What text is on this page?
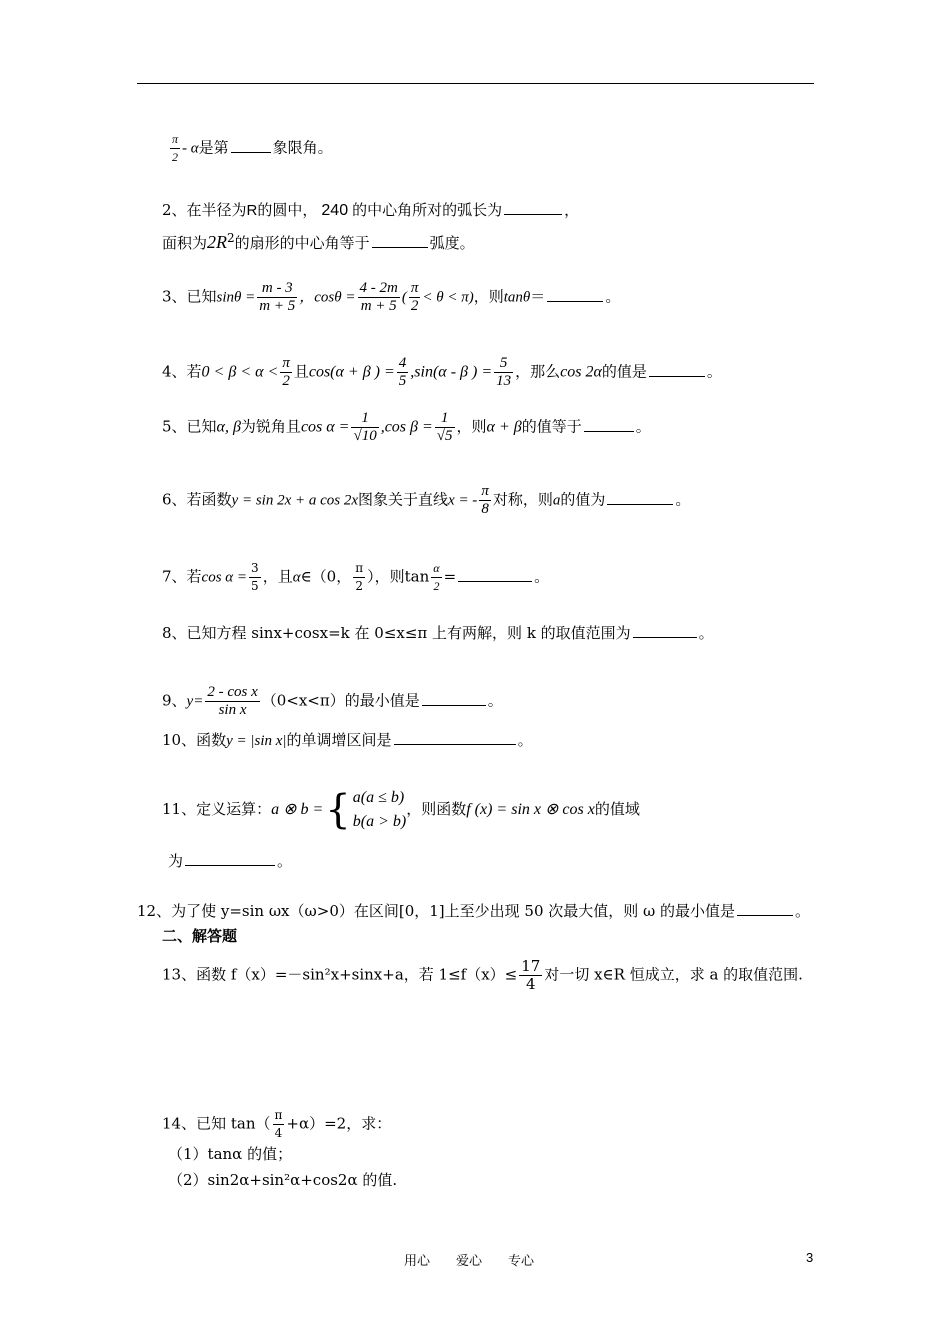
$\frac{\pi}{2}$ - α是第	象限角。
2、在半径为R的圆中， 240 的中心角所对的弧长为	，
面积为$2R^2$的扇形的中心角等于	弧度。
3、已知$\sin\theta = \frac{m - 3}{m + 5}$ ，$\cos\theta = \frac{4 - 2m}{m + 5}$ ( $\frac{\pi}{2} < \theta < \pi$)，则tanθ＝	。
4、若$0 < \beta < \alpha < \frac{\pi}{2}$ 且cos(α + β ) = $\frac{4}{5} ,\sin(\alpha$ - β ) = $\frac{5}{13}$ ，那么cos 2α的值是	。
5、已知α, β为锐角且$\cos \alpha = \frac{1}{√10} ,\cos$ $\beta = \frac{1}{√5}$ ，则α + β的值等于	。
6、若函数y = sin 2x + a cos 2x图象关于直线x = - $\frac{\pi}{8}$ 对称，则a的值为	。
7、若$\cos \alpha = \frac{3}{5}$ ，且α∈（0， $\frac{\pi}{2}$ ），则$\tan \frac{\alpha}{2}$ =	。
8、已知方程 sinx+cosx=k 在 0≤x≤π 上有两解，则 k 的取值范围为	。
9、$y= \frac{\text{2 - cos x}}{\text{sin x}} (0<x<\pi)$的最小值是	。
10、函数y = |sin x|的单调增区间是	。
11、定义运算：a ⊗ b ={ a(a ≤ b)
b(a > b)
，则函数f (x) = sin x ⊗ cos x的值域
为	。
12、为了使 y=sin ωx（ω>0）在区间[0，1]上至少出现 50 次最大值，则 ω 的最小值是	。
二、解答题
13、函数 f（x）=－sin²x+sinx+a，若 $1\le f(x)\le \frac{17}{4}$ 对一切 x∈R 恒成立，求 a 的取值范围.
14、已知 $\tan( \frac{\pi}{4} +\alpha)=2$，求：
（1）tanα 的值；
（2）sin2α+sin²α+cos2α 的值.
用心　　爱心　　专心	3
